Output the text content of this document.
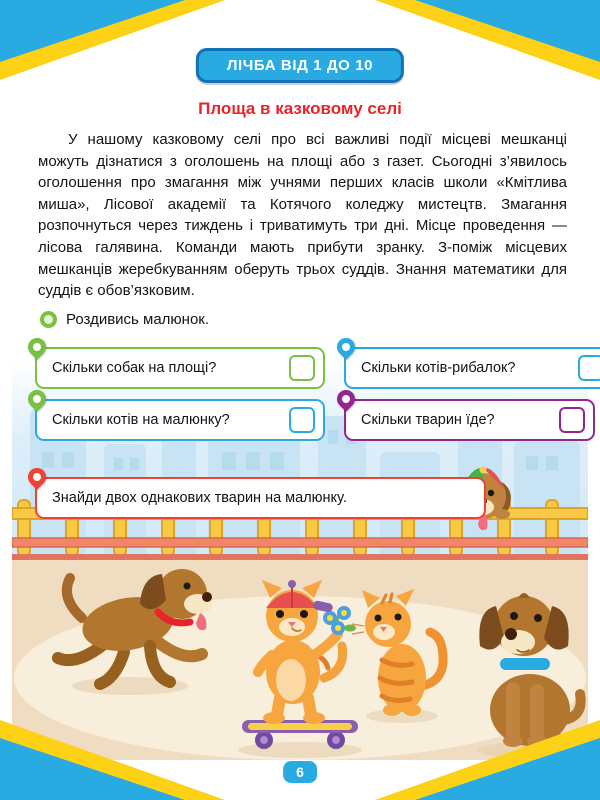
ЛІЧБА ВІД 1 ДО 10
Площа в казковому селі

У нашому казковому селі про всі важливі події місцеві мешканці можуть дізнатися з оголошень на площі або з газет. Сьогодні з’явилось оголошення про змагання між учнями перших класів школи «Кмітлива миша», Лісової академії та Котячого коледжу мистецтв. Змагання розпочнуться через тиждень і триватимуть три дні. Місце проведення — лісова галявина. Команди мають прибути зранку. З-поміж місцевих мешканців жеребкуванням оберуть трьох суддів. Знання математики для суддів є обов’язковим.

Роздивись малюнок.
Скільки собак на площі?	Скільки котів-рибалок?
Скільки котів на малюнку?	Скільки тварин їде?
Знайди двох однакових тварин на малюнку.
6
